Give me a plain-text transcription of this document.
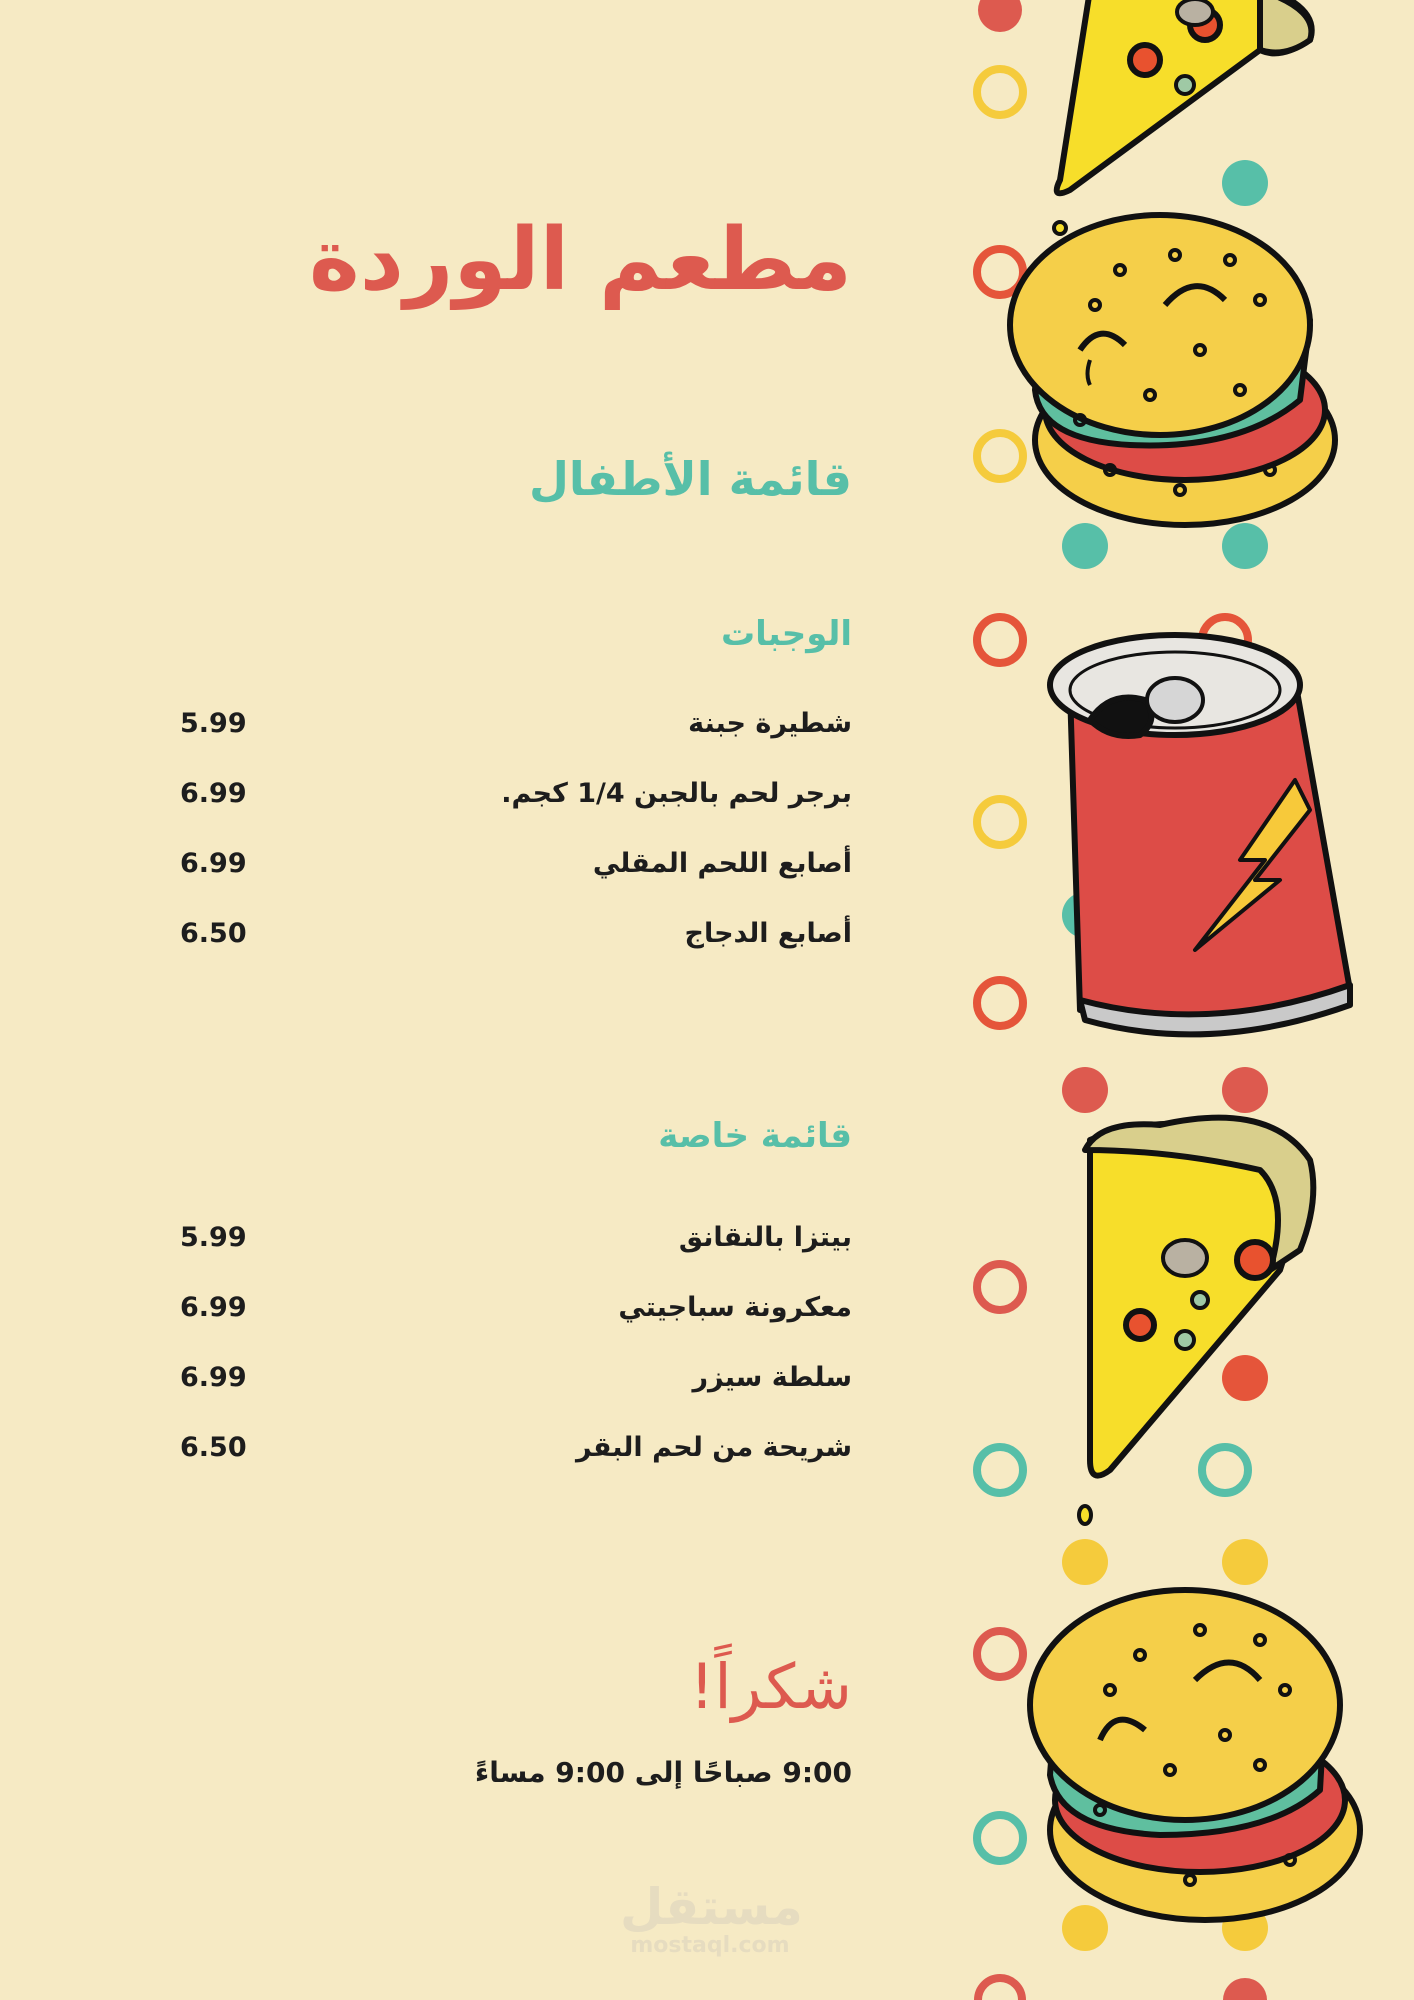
مطعم الوردة
قائمة الأطفال
الوجبات
شطيرة جبنة
5.99
برجر لحم بالجبن 1/4 كجم.
6.99
أصابع اللحم المقلي
6.99
أصابع الدجاج
6.50
قائمة خاصة
بيتزا بالنقانق
5.99
معكرونة سباجيتي
6.99
سلطة سيزر
6.99
شريحة من لحم البقر
6.50
شكراً!
9:00 صباحًا إلى 9:00 مساءً
مستقل
mostaql.com
